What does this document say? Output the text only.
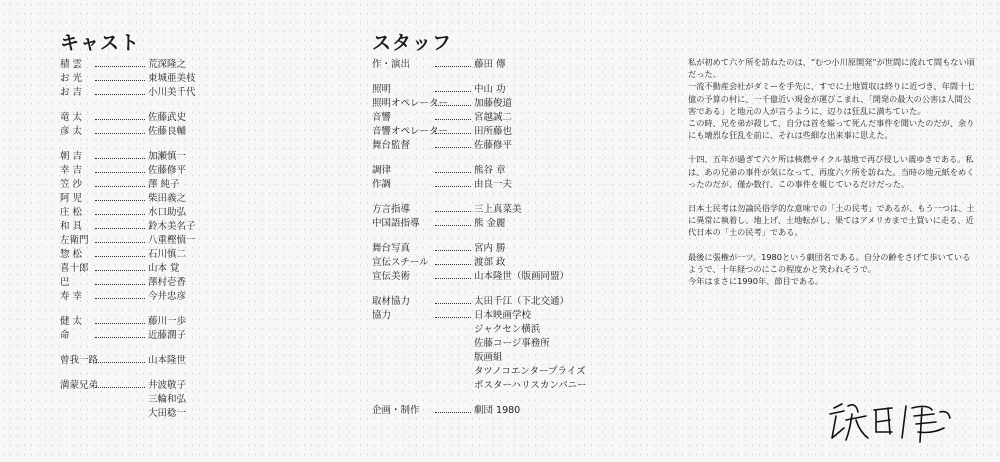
キャスト
積 雲	荒深隆之
お 光	東城亜美枝
お 吉	小川美千代
竜 太	佐藤武史
彦 太	佐藤良輔
朝 吉	加瀬慎一
幸 吉	佐藤修平
笠 沙	澤 純子
阿 児	柴田義之
庄 松	水口助弘
和 具	鈴木美名子
左衛門	八重樫慎一
惣 松	石川慎二
喜十郎	山本 覚
巴	澤村壱香
寿 幸	今井忠彦
健 太	藤川一歩
命	近藤潤子
曾我一路	山本隆世
満蒙兄弟	井波敬子
三輪和弘
大田稔一
スタッフ
作・演出	藤田 傳
照明	中山 功
照明オペレーター	加藤俊道
音響	宮越誠二
音響オペレーター	田所藤也
舞台監督	佐藤修平
調律	熊谷 章
作調	由良一夫
方言指導	三上真菜美
中国語指導	熊 金麗
舞台写真	宮内 勝
宣伝スチール	渡部 政
宣伝美術	山本隆世（版画同盟）
取材協力	太田千江（下北交通）
協力	日本映画学校
ジャクセン横浜
佐藤コージ事務所
版画組
タツノコエンタープライズ
ポスターハリスカンパニー
企画・制作	劇団 1980

私が初めて六ケ所を訪ねたのは、“むつ小川原開発”が世間に流れて間もない頃だった。

一流不動産会社がダミーを手先に、すでに土地買収は終りに近づき、年間十七億の予算の村に、一千億近い現金が運びこまれ、「開発の最大の公害は人間公害である」と地元の人が言うように、辺りは狂乱に満ちていた。

この時、兄を弟が殺して、自分は首を縊って死んだ事件を聞いたのだが、余りにも壊烈な狂乱を前に、それは些細な出来事に思えた。

十四、五年が過ぎて六ケ所は核燃サイクル基地で再び侵しい震ゆきである。私は、あの兄弟の事件が気になって、再度六ケ所を訪ねた。当時の地元紙をめくったのだが、僅か数行、この事件を報じているだけだった。

日本土民考は勿論民俗学的な意味での「土の民考」であるが、もう一つは、土に異常に執着し、地上げ、土地転がし、果てはアメリカまで土買いに走る、近代日本の「土の民考」である。

最後に張権が一ツ。1980という劇団名である。自分の齢をさげて歩いているようで、十年経つのにこの程度かと笑われそうで。

今年はまさに1990年、節目である。
